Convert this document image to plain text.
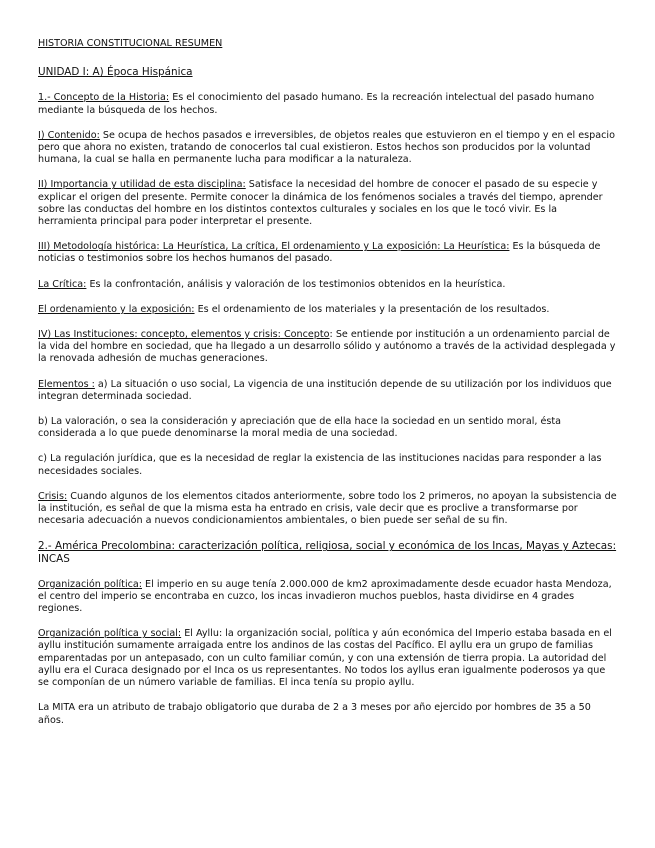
HISTORIA CONSTITUCIONAL RESUMEN
UNIDAD I: A) Época Hispánica

1.- Concepto de la Historia: Es el conocimiento del pasado humano. Es la recreación intelectual del pasado humano mediante la búsqueda de los hechos.

I) Contenido: Se ocupa de hechos pasados e irreversibles, de objetos reales que estuvieron en el tiempo y en el espacio pero que ahora no existen, tratando de conocerlos tal cual existieron. Estos hechos son producidos por la voluntad humana, la cual se halla en permanente lucha para modificar a la naturaleza.

II) Importancia y utilidad de esta disciplina: Satisface la necesidad del hombre de conocer el pasado de su especie y explicar el origen del presente. Permite conocer la dinámica de los fenómenos sociales a través del tiempo, aprender sobre las conductas del hombre en los distintos contextos culturales y sociales en los que le tocó vivir. Es la herramienta principal para poder interpretar el presente.

III) Metodología histórica: La Heurística, La crítica, El ordenamiento y La exposición: La Heurística: Es la búsqueda de noticias o testimonios sobre los hechos humanos del pasado.

La Crítica: Es la confrontación, análisis y valoración de los testimonios obtenidos en la heurística.

El ordenamiento y la exposición: Es el ordenamiento de los materiales y la presentación de los resultados.

IV) Las Instituciones: concepto, elementos y crisis: Concepto: Se entiende por institución a un ordenamiento parcial de la vida del hombre en sociedad, que ha llegado a un desarrollo sólido y autónomo a través de la actividad desplegada y la renovada adhesión de muchas generaciones.

Elementos : a) La situación o uso social, La vigencia de una institución depende de su utilización por los individuos que integran determinada sociedad.

b) La valoración, o sea la consideración y apreciación que de ella hace la sociedad en un sentido moral, ésta considerada a lo que puede denominarse la moral media de una sociedad.

c) La regulación jurídica, que es la necesidad de reglar la existencia de las instituciones nacidas para responder a las necesidades sociales.

Crisis: Cuando algunos de los elementos citados anteriormente, sobre todo los 2 primeros, no apoyan la subsistencia de la institución, es señal de que la misma esta ha entrado en crisis, vale decir que es proclive a transformarse por necesaria adecuación a nuevos condicionamientos ambientales, o bien puede ser señal de su fin.

2.- América Precolombina: caracterización política, religiosa, social y económica de los Incas, Mayas y Aztecas: INCAS

Organización política: El imperio en su auge tenía 2.000.000 de km2 aproximadamente desde ecuador hasta Mendoza, el centro del imperio se encontraba en cuzco, los incas invadieron muchos pueblos, hasta dividirse en 4 grades regiones.

Organización política y social: El Ayllu: la organización social, política y aún económica del Imperio estaba basada en el ayllu institución sumamente arraigada entre los andinos de las costas del Pacífico. El ayllu era un grupo de familias emparentadas por un antepasado, con un culto familiar común, y con una extensión de tierra propia. La autoridad del ayllu era el Curaca designado por el Inca os us representantes. No todos los ayllus eran igualmente poderosos ya que se componían de un número variable de familias. El inca tenía su propio ayllu.

La MITA era un atributo de trabajo obligatorio que duraba de 2 a 3 meses por año ejercido por hombres de 35 a 50 años.
